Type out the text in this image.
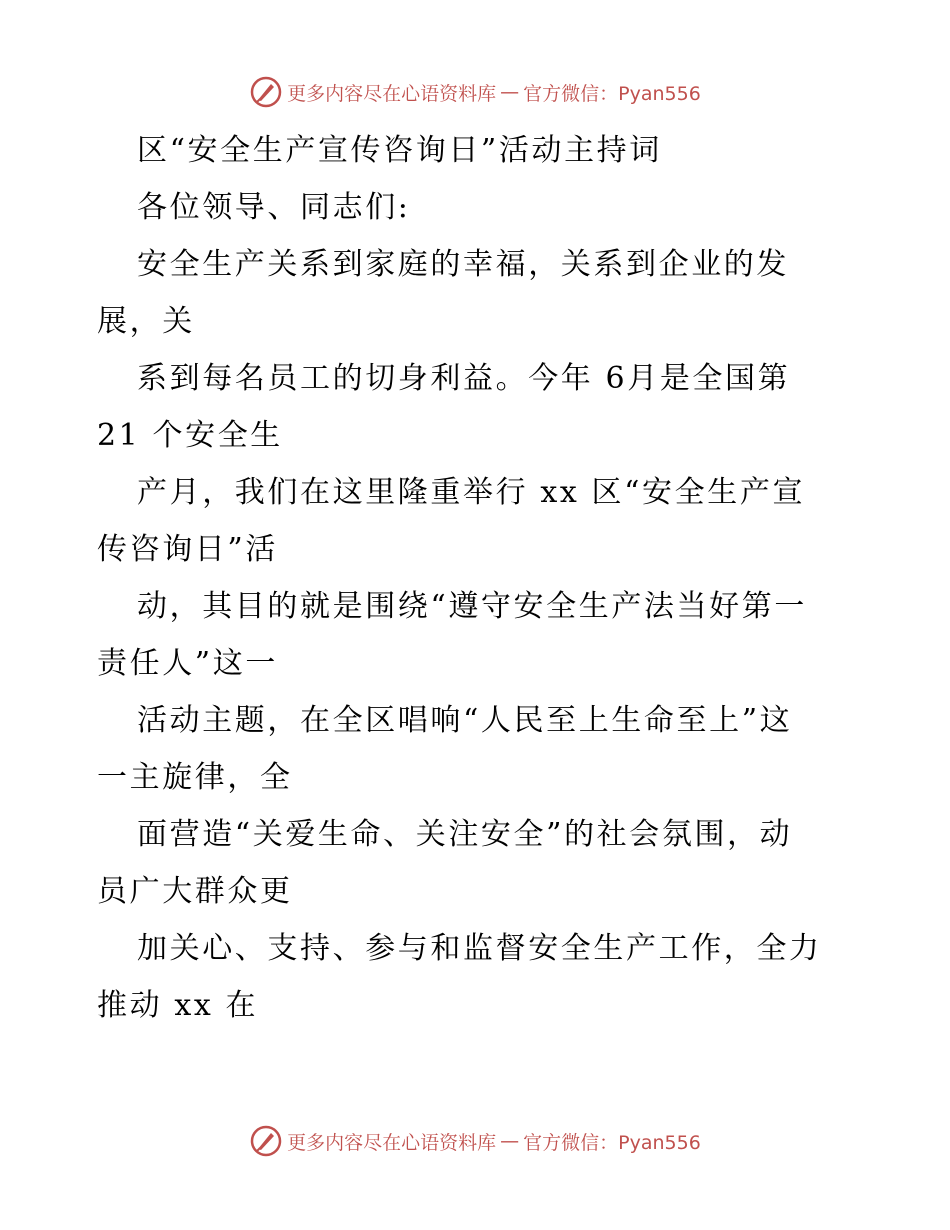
更多内容尽在心语资料库 — 官方微信：Pyan556
区“安全生产宣传咨询日”活动主持词
各位领导、同志们:
安全生产关系到家庭的幸福，关系到企业的发
展，关
系到每名员工的切身利益。今年 6月是全国第
21 个安全生
产月，我们在这里隆重举行 xx 区“安全生产宣
传咨询日”活
动，其目的就是围绕“遵守安全生产法当好第一
责任人”这一
活动主题，在全区唱响“人民至上生命至上”这
一主旋律，全
面营造“关爱生命、关注安全”的社会氛围，动
员广大群众更
加关心、支持、参与和监督安全生产工作，全力
推动 xx 在
更多内容尽在心语资料库 — 官方微信：Pyan556
